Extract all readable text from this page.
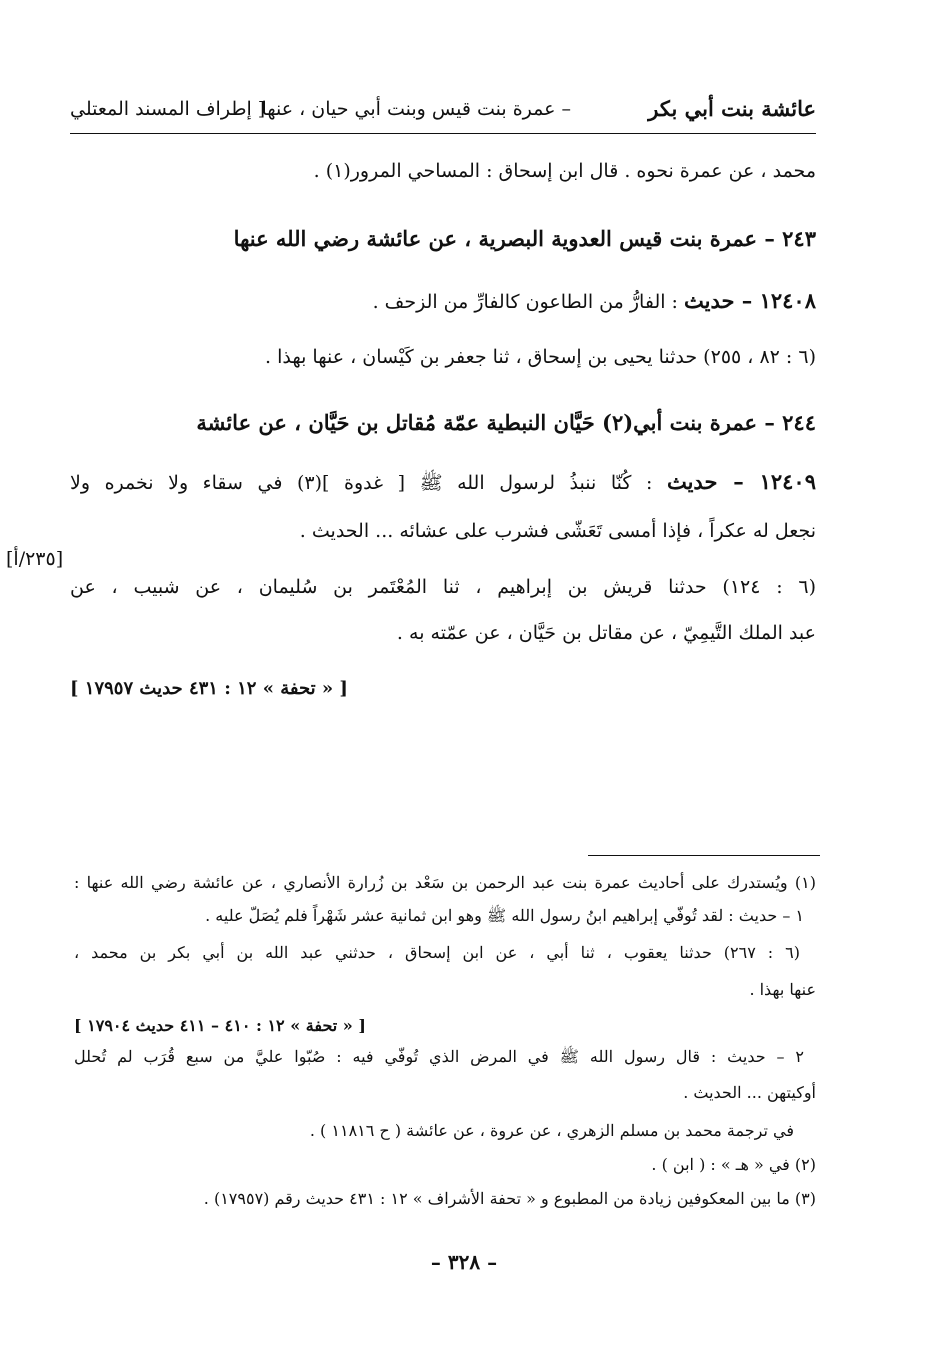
عائشة بنت أبي بكر
– عمرة بنت قيس وبنت أبي حيان ، عنها
[ إطراف المسند المعتلي
محمد ، عن عمرة نحوه . قال ابن إسحاق : المساحي المرور(١) .
٢٤٣ – عمرة بنت قيس العدوية البصرية ، عن عائشة رضي الله عنها
١٢٤٠٨ – حديث : الفارُّ من الطاعون كالفارِّ من الزحف .
(٦ : ٨٢ ، ٢٥٥) حدثنا يحيى بن إسحاق ، ثنا جعفر بن كَيْسان ، عنها بهذا .
٢٤٤ – عمرة بنت أبي(٢) حَيَّان النبطية عمّة مُقاتل بن حَيَّان ، عن عائشة
١٢٤٠٩ – حديث : كُنّا ننبذُ لرسول الله ﷺ [ غدوة ](٣) في سقاء ولا نخمره ولا
نجعل له عكراً ، فإذا أمسى تَعَشّى فشرب على عشائه ... الحديث .
[٢٣٥/أ]
(٦ : ١٢٤) حدثنا قريش بن إبراهيم ، ثنا المُعْتَمر بن سُليمان ، عن شبيب ، عن
عبد الملك التَّيمِيّ ، عن مقاتل بن حَيَّان ، عن عمّته به .
[ « تحفة » ١٢ : ٤٣١ حديث ١٧٩٥٧ ]
(١) ويُستدرك على أحاديث عمرة بنت عبد الرحمن بن سَعْد بن زُرارة الأنصاري ، عن عائشة رضي الله عنها :
١ – حديث : لقد تُوفّي إبراهيم ابنُ رسول الله ﷺ وهو ابن ثمانية عشر شَهْراً فلم يُصَلّ عليه .
(٦ : ٢٦٧) حدثنا يعقوب ، ثنا أبي ، عن ابن إسحاق ، حدثني عبد الله بن أبي بكر بن محمد ،
عنها بهذا .
[ « تحفة » ١٢ : ٤١٠ – ٤١١ حديث ١٧٩٠٤ ]
٢ – حديث : قال رسول الله ﷺ في المرض الذي تُوفّي فيه : صُبّوا عليَّ من سبع قُرَب لم تُحلل
أوكيتهن ... الحديث .
في ترجمة محمد بن مسلم الزهري ، عن عروة ، عن عائشة ( ح ١١٨١٦ ) .
(٢) في « هـ » : ( ابن ) .
(٣) ما بين المعكوفين زيادة من المطبوع و « تحفة الأشراف » ١٢ : ٤٣١ حديث رقم (١٧٩٥٧) .
– ٣٢٨ –
